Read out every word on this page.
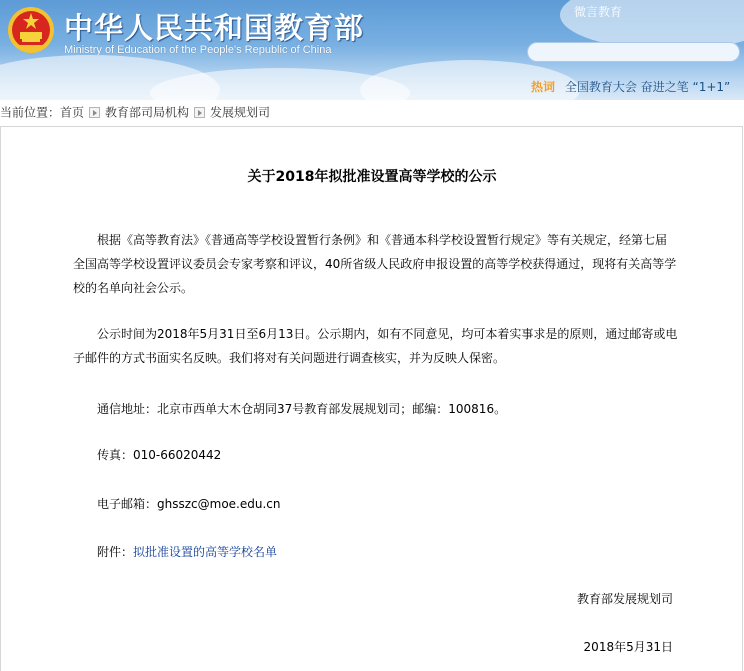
中华人民共和国教育部
Ministry of Education of the People's Republic of China
微言教育
热词 全国教育大会 奋进之笔 “1+1”
当前位置：首页 教育部司局机构 发展规划司
关于2018年拟批准设置高等学校的公示

根据《高等教育法》《普通高等学校设置暂行条例》和《普通本科学校设置暂行规定》等有关规定，经第七届全国高等学校设置评议委员会专家考察和评议，40所省级人民政府申报设置的高等学校获得通过，现将有关高等学校的名单向社会公示。

公示时间为2018年5月31日至6月13日。公示期内，如有不同意见，均可本着实事求是的原则，通过邮寄或电子邮件的方式书面实名反映。我们将对有关问题进行调查核实，并为反映人保密。

通信地址：北京市西单大木仓胡同37号教育部发展规划司；邮编：100816。
传真：010-66020442
电子邮箱：ghsszc@moe.edu.cn
附件：拟批准设置的高等学校名单
教育部发展规划司
2018年5月31日
